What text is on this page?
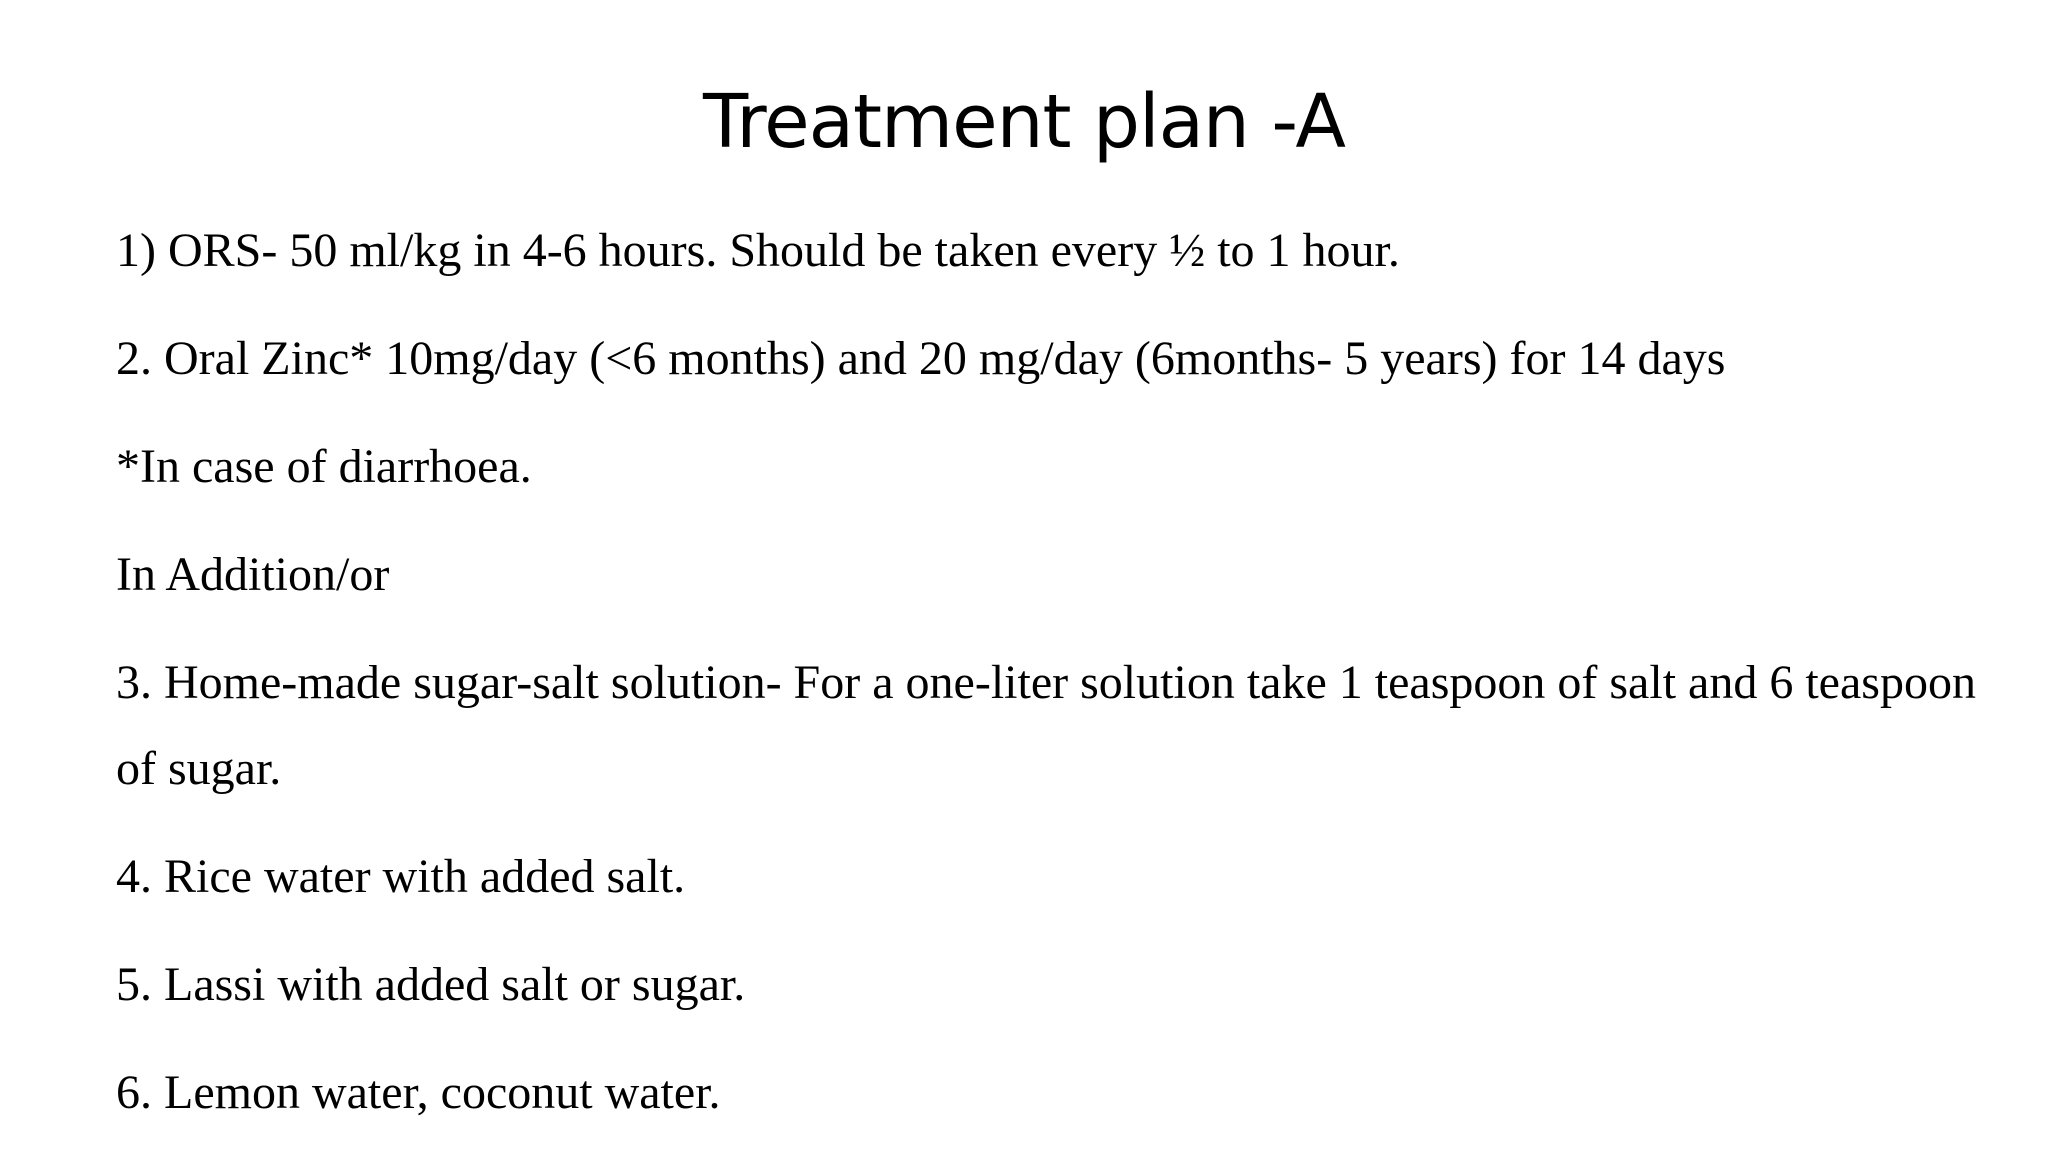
Treatment plan -A

1) ORS- 50 ml/kg in 4-6 hours. Should be taken every ½ to 1 hour.

2. Oral Zinc* 10mg/day (<6 months) and 20 mg/day (6months- 5 years) for 14 days

*In case of diarrhoea.

In Addition/or

3. Home-made sugar-salt solution- For a one-liter solution take 1 teaspoon of salt and 6 teaspoon of sugar.

4. Rice water with added salt.

5. Lassi with added salt or sugar.

6. Lemon water, coconut water.
